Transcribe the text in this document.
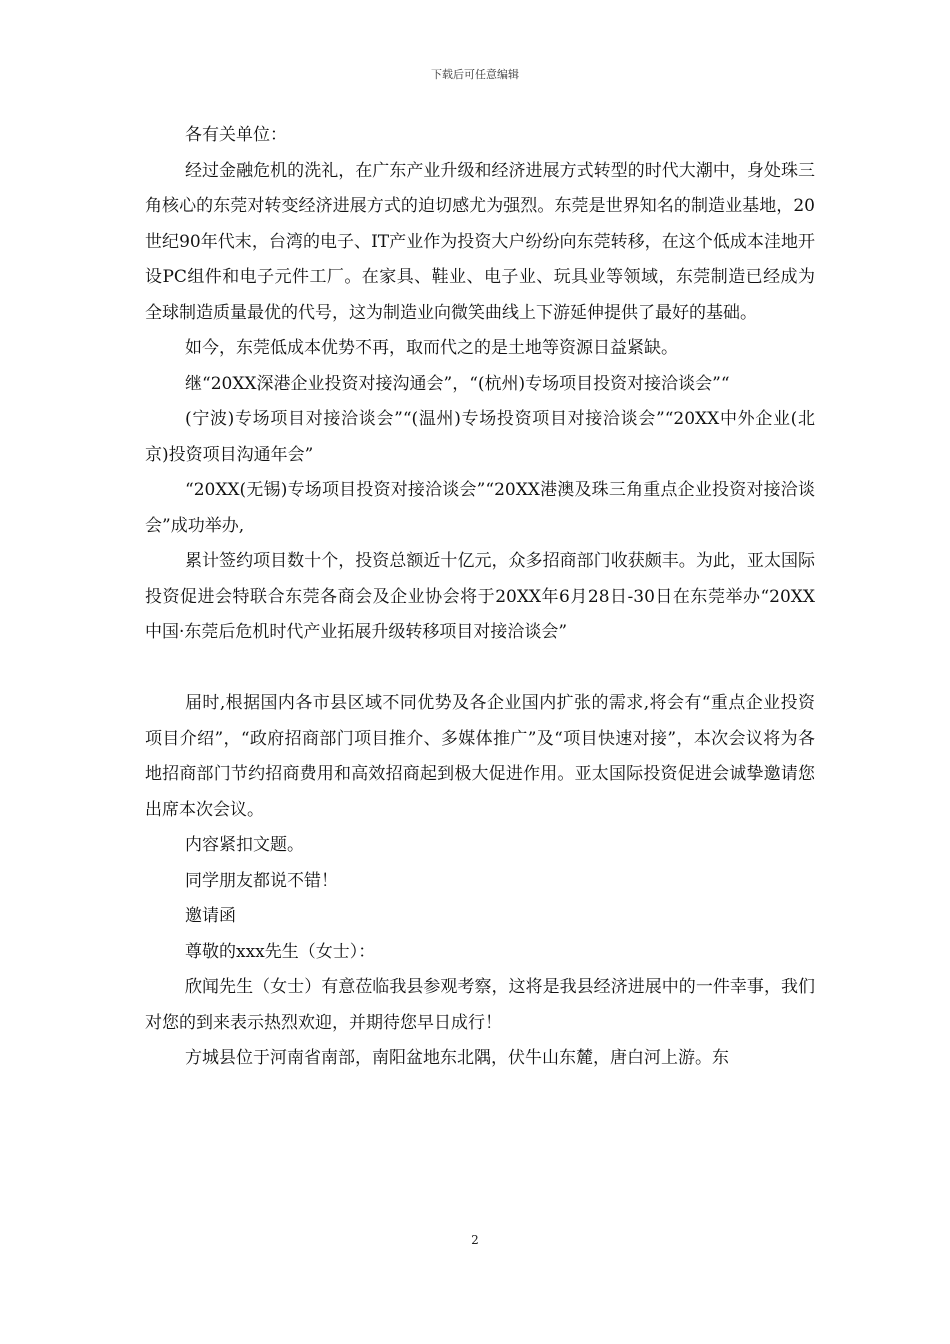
下载后可任意编辑

各有关单位：

经过金融危机的洗礼，在广东产业升级和经济进展方式转型的时代大潮中，身处珠三角核心的东莞对转变经济进展方式的迫切感尤为强烈。东莞是世界知名的制造业基地，20世纪90年代末，台湾的电子、IT产业作为投资大户纷纷向东莞转移，在这个低成本洼地开设PC组件和电子元件工厂。在家具、鞋业、电子业、玩具业等领域，东莞制造已经成为全球制造质量最优的代号，这为制造业向微笑曲线上下游延伸提供了最好的基础。

如今，东莞低成本优势不再，取而代之的是土地等资源日益紧缺。

继“20XX深港企业投资对接沟通会”，“(杭州)专场项目投资对接洽谈会”“

(宁波)专场项目对接洽谈会”“(温州)专场投资项目对接洽谈会”“20XX中外企业(北京)投资项目沟通年会”

“20XX(无锡)专场项目投资对接洽谈会”“20XX港澳及珠三角重点企业投资对接洽谈会”成功举办,

累计签约项目数十个，投资总额近十亿元，众多招商部门收获颇丰。为此，亚太国际投资促进会特联合东莞各商会及企业协会将于20XX年6月28日-30日在东莞举办“20XX中国·东莞后危机时代产业拓展升级转移项目对接洽谈会”

届时,根据国内各市县区域不同优势及各企业国内扩张的需求,将会有“重点企业投资项目介绍”，“政府招商部门项目推介、多媒体推广”及“项目快速对接”，本次会议将为各地招商部门节约招商费用和高效招商起到极大促进作用。亚太国际投资促进会诚挚邀请您出席本次会议。

内容紧扣文题。

同学朋友都说不错！

邀请函

尊敬的xxx先生（女士）：

欣闻先生（女士）有意莅临我县参观考察，这将是我县经济进展中的一件幸事，我们对您的到来表示热烈欢迎，并期待您早日成行！

方城县位于河南省南部，南阳盆地东北隅，伏牛山东麓，唐白河上游。东

2
